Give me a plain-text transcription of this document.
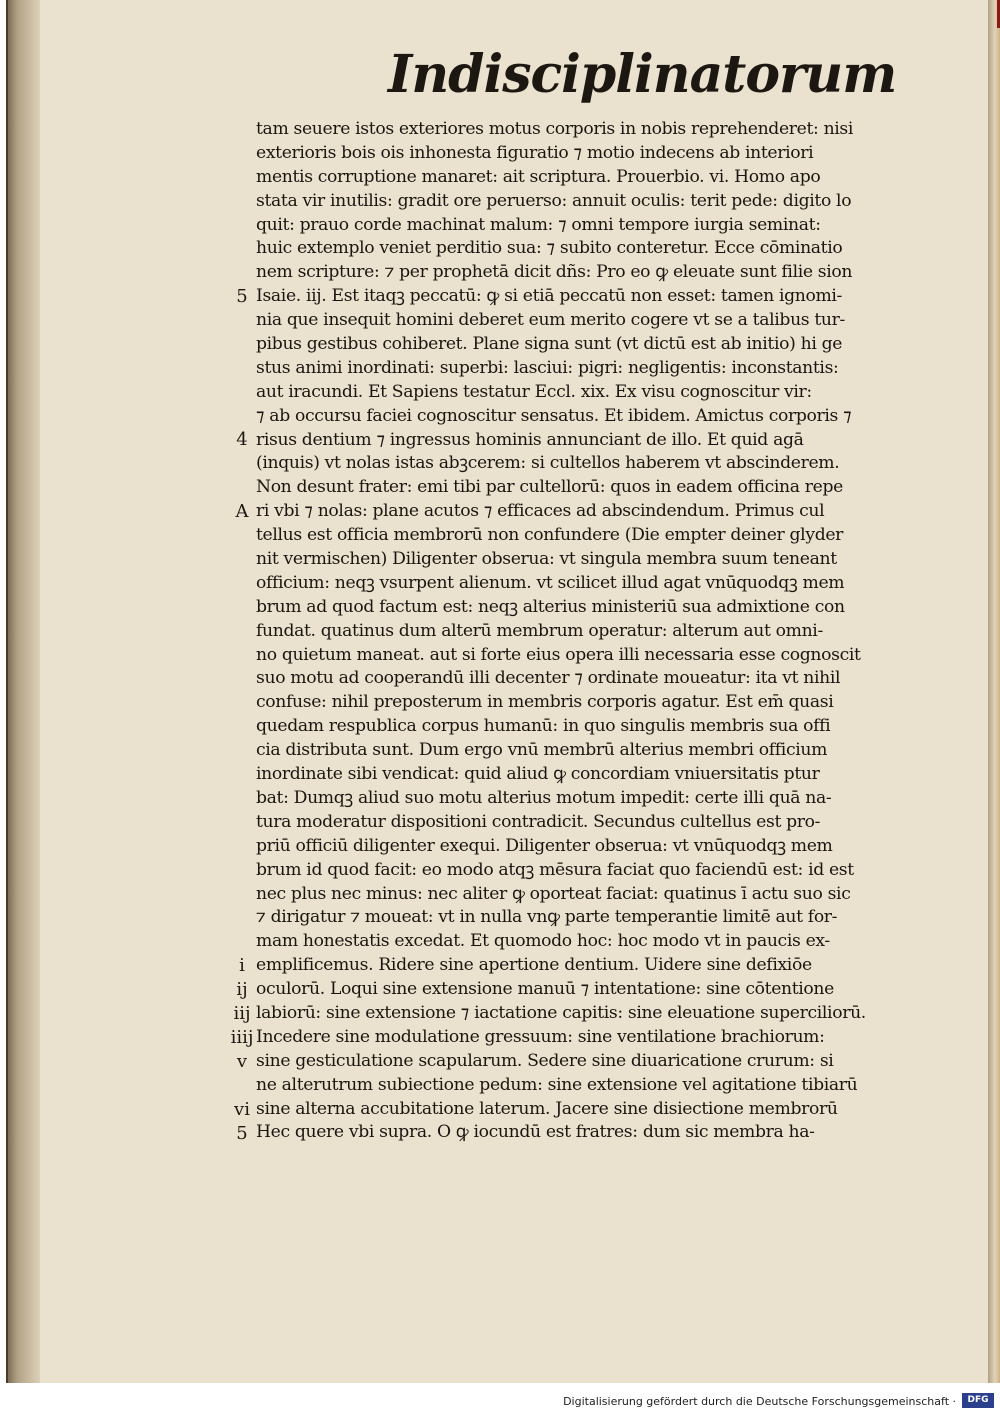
Indisciplinatorum
5
4
A
i
ij
iij
iiij
v
vi
5
tam seuere istos exteriores motus corporis in nobis reprehenderet: nisi
exterioris bois ois inhonesta figuratio ⁊ motio indecens ab interiori
mentis corruptione manaret: ait scriptura. Prouerbio. vi. Homo apo
stata vir inutilis: gradit ore peruerso: annuit oculis: terit pede: digito lo
quit: prauo corde machinat malum: ⁊ omni tempore iurgia seminat:
huic extemplo veniet perditio sua: ⁊ subito conteretur. Ecce cōminatio
nem scripture: ⁊ per prophetā dicit dñs: Pro eo ꝙ eleuate sunt filie sion
Isaie. iij. Est itaqꝫ peccatū: ꝙ si etiā peccatū non esset: tamen ignomi-
nia que insequit homini deberet eum merito cogere vt se a talibus tur-
pibus gestibus cohiberet. Plane signa sunt (vt dictū est ab initio) hi ge
stus animi inordinati: superbi: lasciui: pigri: negligentis: inconstantis:
aut iracundi. Et Sapiens testatur Eccl. xix. Ex visu cognoscitur vir:
⁊ ab occursu faciei cognoscitur sensatus. Et ibidem. Amictus corporis ⁊
risus dentium ⁊ ingressus hominis annunciant de illo. Et quid agā
(inquis) vt nolas istas abꝫcerem: si cultellos haberem vt abscinderem.
Non desunt frater: emi tibi par cultellorū: quos in eadem officina repe
ri vbi ⁊ nolas: plane acutos ⁊ efficaces ad abscindendum. Primus cul
tellus est officia membrorū non confundere (Die empter deiner glyder
nit vermischen) Diligenter obserua: vt singula membra suum teneant
officium: neqꝫ vsurpent alienum. vt scilicet illud agat vnūquodqꝫ mem
brum ad quod factum est: neqꝫ alterius ministeriū sua admixtione con
fundat. quatinus dum alterū membrum operatur: alterum aut omni-
no quietum maneat. aut si forte eius opera illi necessaria esse cognoscit
suo motu ad cooperandū illi decenter ⁊ ordinate moueatur: ita vt nihil
confuse: nihil preposterum in membris corporis agatur. Est em̄ quasi
quedam respublica corpus humanū: in quo singulis membris sua offi
cia distributa sunt. Dum ergo vnū membrū alterius membri officium
inordinate sibi vendicat: quid aliud ꝙ concordiam vniuersitatis ptur
bat: Dumqꝫ aliud suo motu alterius motum impedit: certe illi quā na-
tura moderatur dispositioni contradicit. Secundus cultellus est pro-
priū officiū diligenter exequi. Diligenter obserua: vt vnūquodqꝫ mem
brum id quod facit: eo modo atqꝫ mēsura faciat quo faciendū est: id est
nec plus nec minus: nec aliter ꝙ oporteat faciat: quatinus ī actu suo sic
⁊ dirigatur ⁊ moueat: vt in nulla vnꝙ parte temperantie limitē aut for-
mam honestatis excedat. Et quomodo hoc: hoc modo vt in paucis ex-
emplificemus. Ridere sine apertione dentium. Uidere sine defixiōe
oculorū. Loqui sine extensione manuū ⁊ intentatione: sine cōtentione
labiorū: sine extensione ⁊ iactatione capitis: sine eleuatione superciliorū.
Incedere sine modulatione gressuum: sine ventilatione brachiorum:
sine gesticulatione scapularum. Sedere sine diuaricatione crurum: si
ne alterutrum subiectione pedum: sine extensione vel agitatione tibiarū
sine alterna accubitatione laterum. Jacere sine disiectione membrorū
Hec quere vbi supra. O ꝙ iocundū est fratres: dum sic membra ha-
Digitalisierung gefördert durch die Deutsche Forschungsgemeinschaft ·	DFG
